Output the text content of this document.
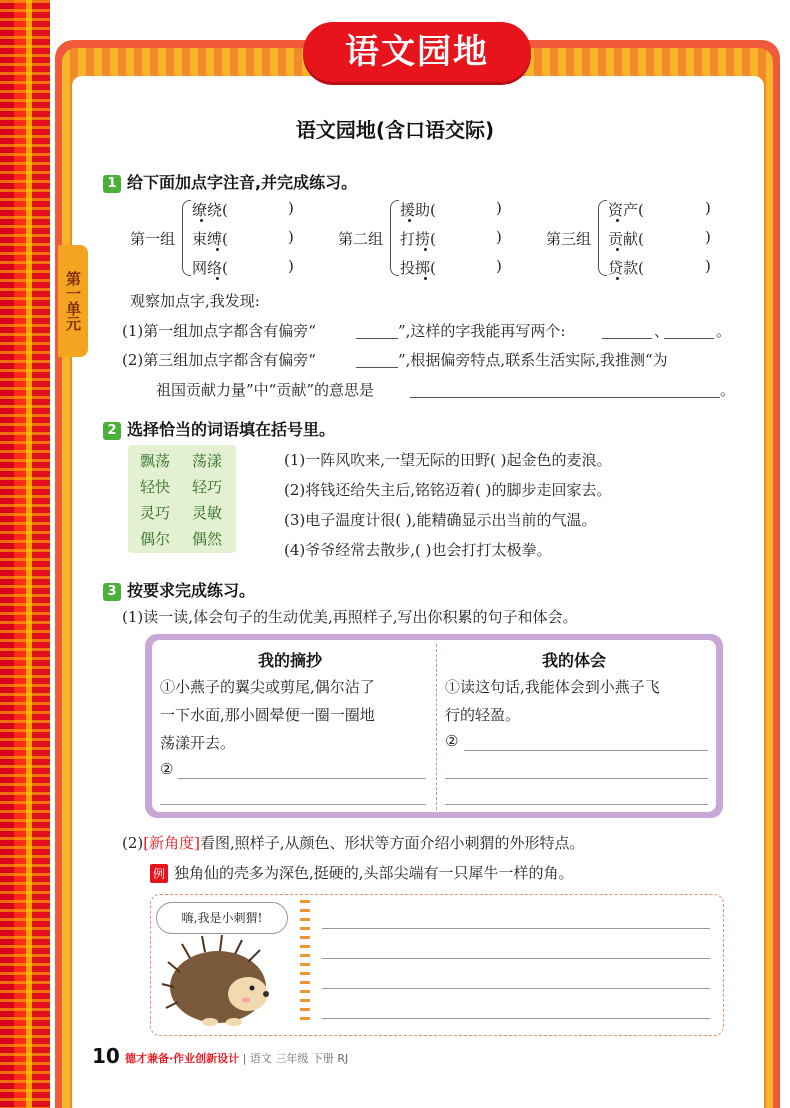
语文园地
第一单元
语文园地(含口语交际)
1 给下面加点字注音,并完成练习。
第一组
缭绕(
束缚(
网络(
)
)
)
第二组
援助(
打捞(
投掷(
)
)
)
第三组
资产(
贡献(
贷款(
)
)
)
观察加点字,我发现:
(1)第一组加点字都含有偏旁“	”,这样的字我能再写两个:	、	。
(2)第三组加点字都含有偏旁“	”,根据偏旁特点,联系生活实际,我推测“为
祖国贡献力量”中“贡献”的意思是	。
2 选择恰当的词语填在括号里。
飘荡 荡漾
轻快 轻巧
灵巧 灵敏
偶尔 偶然
(1)一阵风吹来,一望无际的田野( )起金色的麦浪。
(2)将钱还给失主后,铭铭迈着( )的脚步走回家去。
(3)电子温度计很( ),能精确显示出当前的气温。
(4)爷爷经常去散步,( )也会打打太极拳。
3 按要求完成练习。
(1)读一读,体会句子的生动优美,再照样子,写出你积累的句子和体会。
我的摘抄
①小燕子的翼尖或剪尾,偶尔沾了
一下水面,那小圆晕便一圈一圈地
荡漾开去。
②
我的体会
①读这句话,我能体会到小燕子飞
行的轻盈。
②
(2)[新角度]看图,照样子,从颜色、形状等方面介绍小刺猬的外形特点。
例 独角仙的壳多为深色,挺硬的,头部尖端有一只犀牛一样的角。
嗨,我是小刺猬!
10 德才兼备·作业创新设计 | 语文 三年级 下册 RJ
